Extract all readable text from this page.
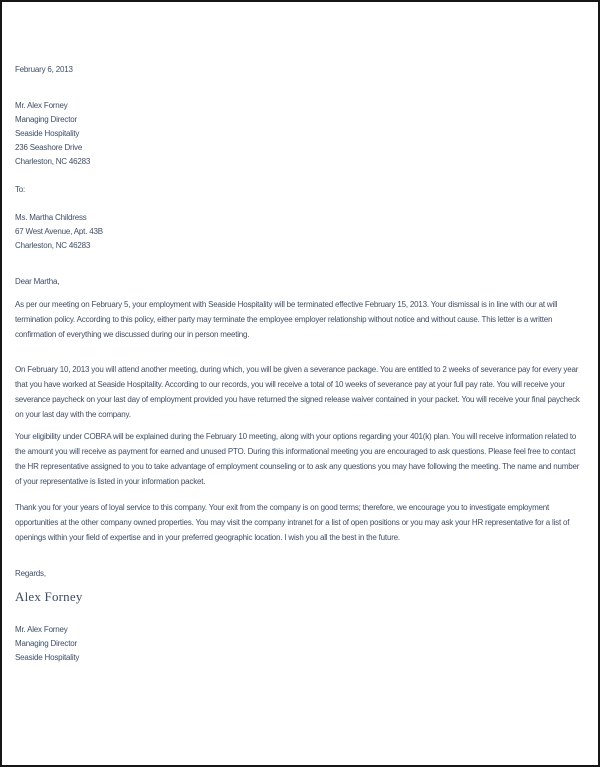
February 6, 2013
Mr. Alex Forney
Managing Director
Seaside Hospitality
236 Seashore Drive
Charleston, NC 46283
To:
Ms. Martha Childress
67 West Avenue, Apt. 43B
Charleston, NC 46283
Dear Martha,
As per our meeting on February 5, your employment with Seaside Hospitality will be terminated effective February 15, 2013. Your dismissal is in line with our at will termination policy. According to this policy, either party may terminate the employee employer relationship without notice and without cause. This letter is a written confirmation of everything we discussed during our in person meeting.
On February 10, 2013 you will attend another meeting, during which, you will be given a severance package. You are entitled to 2 weeks of severance pay for every year that you have worked at Seaside Hospitality. According to our records, you will receive a total of 10 weeks of severance pay at your full pay rate. You will receive your severance paycheck on your last day of employment provided you have returned the signed release waiver contained in your packet. You will receive your final paycheck on your last day with the company.
Your eligibility under COBRA will be explained during the February 10 meeting, along with your options regarding your 401(k) plan. You will receive information related to the amount you will receive as payment for earned and unused PTO. During this informational meeting you are encouraged to ask questions. Please feel free to contact the HR representative assigned to you to take advantage of employment counseling or to ask any questions you may have following the meeting. The name and number of your representative is listed in your information packet.
Thank you for your years of loyal service to this company. Your exit from the company is on good terms; therefore, we encourage you to investigate employment opportunities at the other company owned properties. You may visit the company intranet for a list of open positions or you may ask your HR representative for a list of openings within your field of expertise and in your preferred geographic location. I wish you all the best in the future.
Regards,
Alex Forney
Mr. Alex Forney
Managing Director
Seaside Hospitality
